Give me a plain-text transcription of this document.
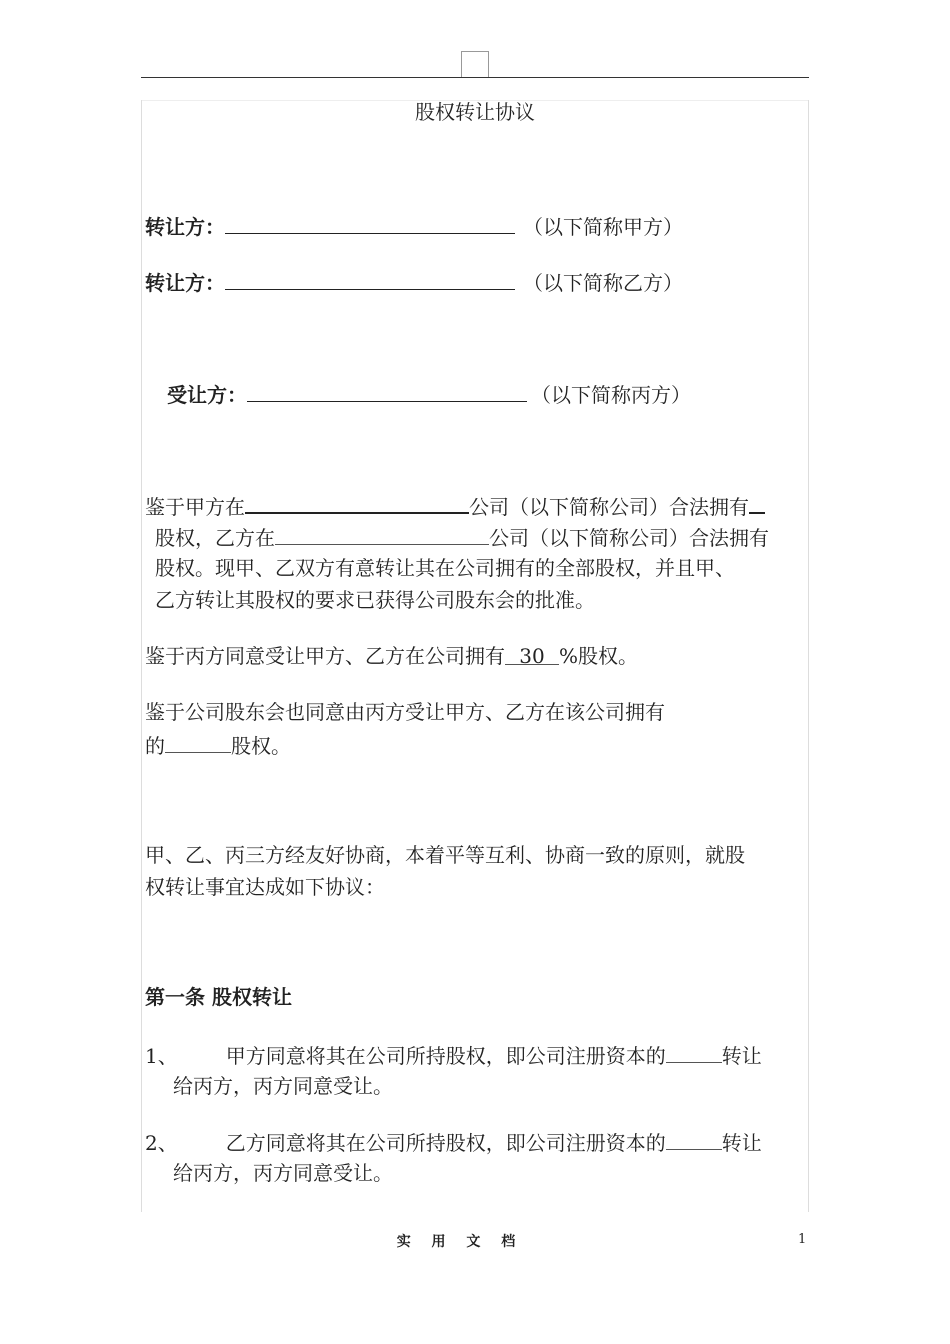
股权转让协议
转让方：	（以下简称甲方）
转让方：	（以下简称乙方）
受让方：	（以下简称丙方）
鉴于甲方在	公司（以下简称公司）合法拥有
股权，乙方在	公司（以下简称公司）合法拥有
股权。现甲、乙双方有意转让其在公司拥有的全部股权，并且甲、
乙方转让其股权的要求已获得公司股东会的批准。
鉴于丙方同意受让甲方、乙方在公司拥有 30 %股权。
鉴于公司股东会也同意由丙方受让甲方、乙方在该公司拥有
的	股权。
甲、乙、丙三方经友好协商，本着平等互利、协商一致的原则，就股
权转让事宜达成如下协议：
第一条 股权转让
1、 甲方同意将其在公司所持股权，即公司注册资本的	转让
给丙方，丙方同意受让。
2、 乙方同意将其在公司所持股权，即公司注册资本的	转让
给丙方，丙方同意受让。
实 用 文 档	1
